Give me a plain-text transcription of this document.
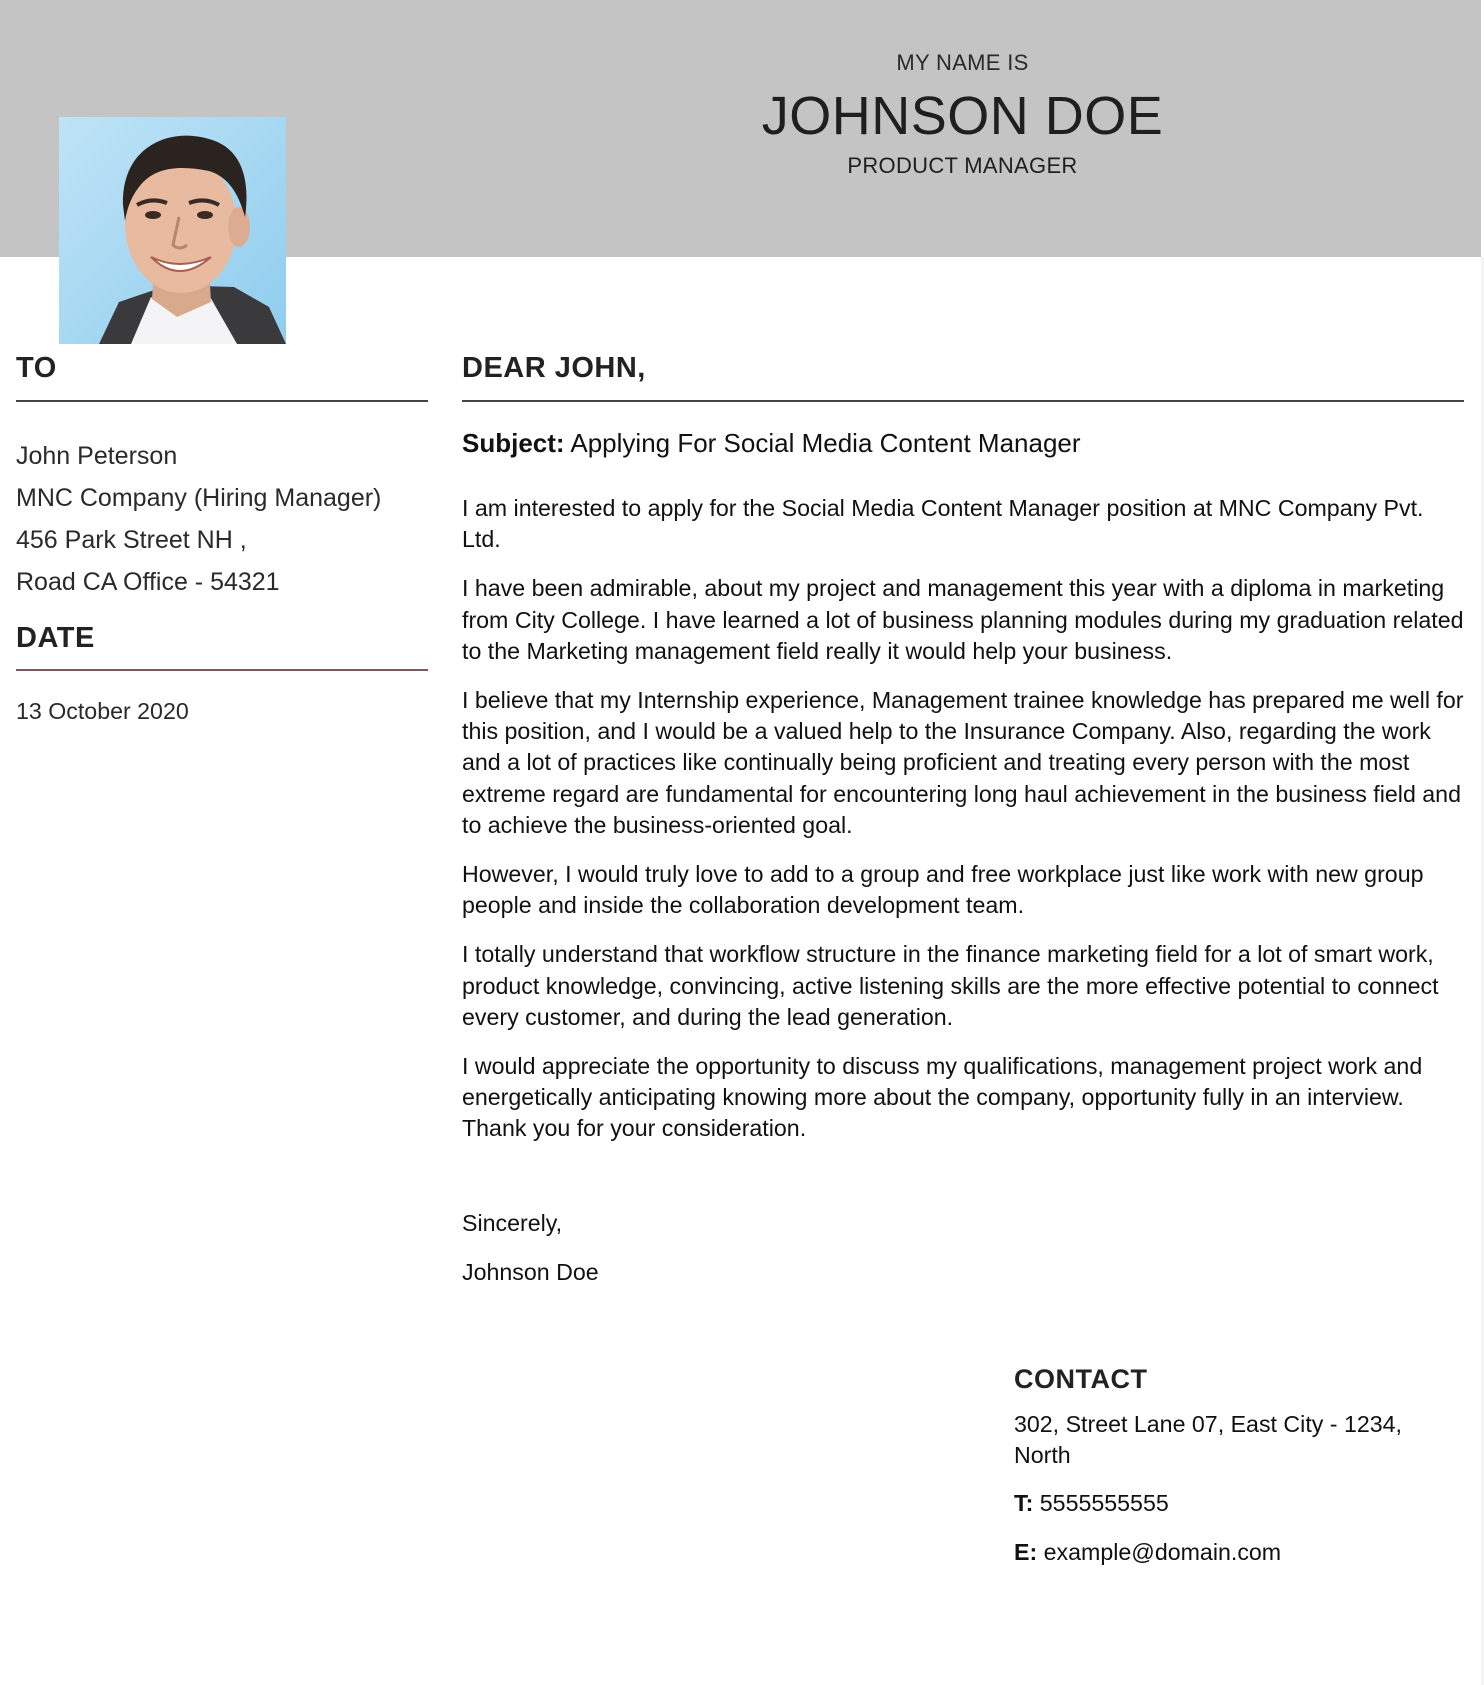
MY NAME IS
JOHNSON DOE
PRODUCT MANAGER
TO
John Peterson
MNC Company (Hiring Manager)
456 Park Street NH ,
Road CA Office - 54321
DATE
13 October 2020
DEAR JOHN,
Subject: Applying For Social Media Content Manager

I am interested to apply for the Social Media Content Manager position at MNC Company Pvt. Ltd.

I have been admirable, about my project and management this year with a diploma in marketing from City College. I have learned a lot of business planning modules during my graduation related to the Marketing management field really it would help your business.

I believe that my Internship experience, Management trainee knowledge has prepared me well for this position, and I would be a valued help to the Insurance Company. Also, regarding the work and a lot of practices like continually being proficient and treating every person with the most extreme regard are fundamental for encountering long haul achievement in the business field and to achieve the business-oriented goal.

However, I would truly love to add to a group and free workplace just like work with new group people and inside the collaboration development team.

I totally understand that workflow structure in the finance marketing field for a lot of smart work, product knowledge, convincing, active listening skills are the more effective potential to connect every customer, and during the lead generation.

I would appreciate the opportunity to discuss my qualifications, management project work and energetically anticipating knowing more about the company, opportunity fully in an interview. Thank you for your consideration.

Sincerely,
Johnson Doe
CONTACT

302, Street Lane 07, East City - 1234, North

T: 5555555555

E: example@domain.com
